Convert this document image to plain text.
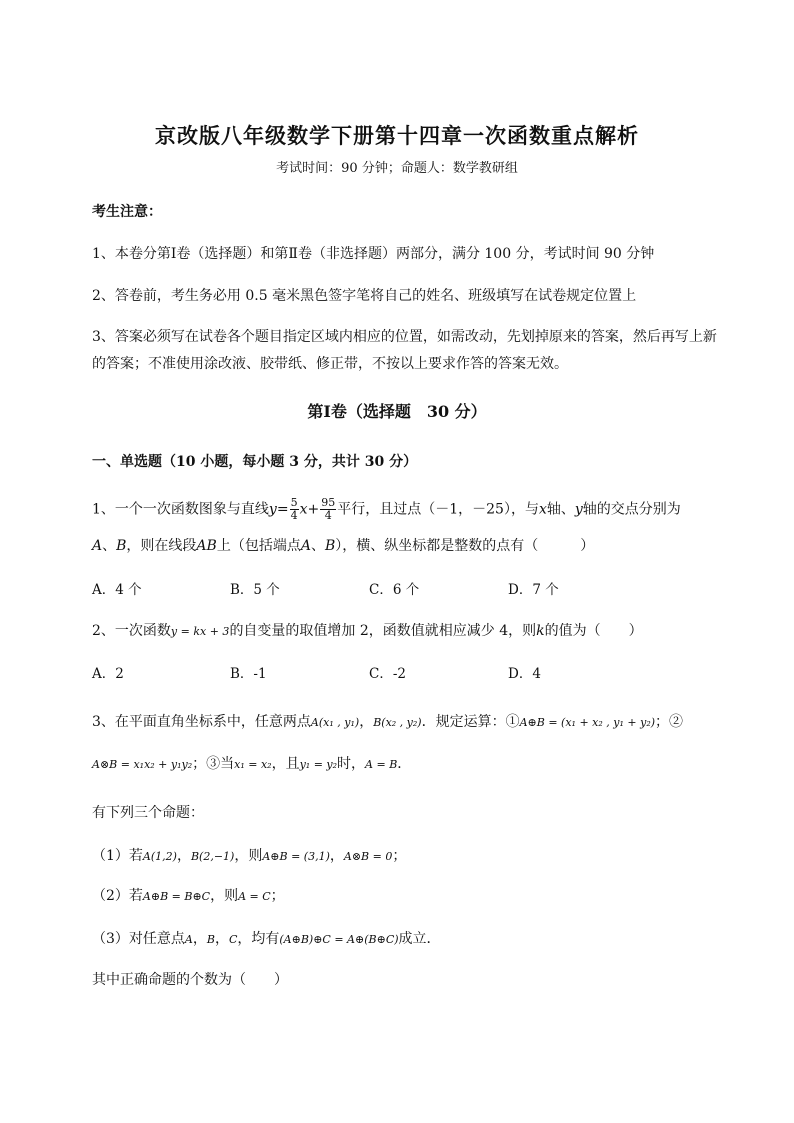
京改版八年级数学下册第十四章一次函数重点解析
考试时间：90 分钟；命题人：数学教研组
考生注意：
1、本卷分第Ⅰ卷（选择题）和第Ⅱ卷（非选择题）两部分，满分 100 分，考试时间 90 分钟
2、答卷前，考生务必用 0.5 毫米黑色签字笔将自己的姓名、班级填写在试卷规定位置上
3、答案必须写在试卷各个题目指定区域内相应的位置，如需改动，先划掉原来的答案，然后再写上新
的答案；不准使用涂改液、胶带纸、修正带，不按以上要求作答的答案无效。
第Ⅰ卷（选择题　30 分）
一、单选题（10 小题，每小题 3 分，共计 30 分）
1、一个一次函数图象与直线$y= \frac{5}{4} x+ \frac{95}{4}$ 平行，且过点（－1，－25），与x轴、y轴的交点分别为
A、B，则在线段AB上（包括端点A、B），横、纵坐标都是整数的点有（　　　）
A．4 个	B．5 个	C．6 个	D．7 个
2、一次函数y = kx + 3的自变量的取值增加 2，函数值就相应减少 4，则k的值为（　　）
A．2	B．-1	C．-2	D．4
3、在平面直角坐标系中，任意两点A(x₁ , y₁)，B(x₂ , y₂)．规定运算：①A⊕B = (x₁ + x₂ , y₁ + y₂)；②
A⊗B = x₁x₂ + y₁y₂；③当x₁ = x₂，且y₁ = y₂时，A = B．
有下列三个命题：
（1）若A(1,2)，B(2,−1)，则A⊕B = (3,1)，A⊗B = 0；
（2）若A⊕B = B⊕C，则A = C；
（3）对任意点A，B，C，均有(A⊕B)⊕C = A⊕(B⊕C)成立．
其中正确命题的个数为（　　）
